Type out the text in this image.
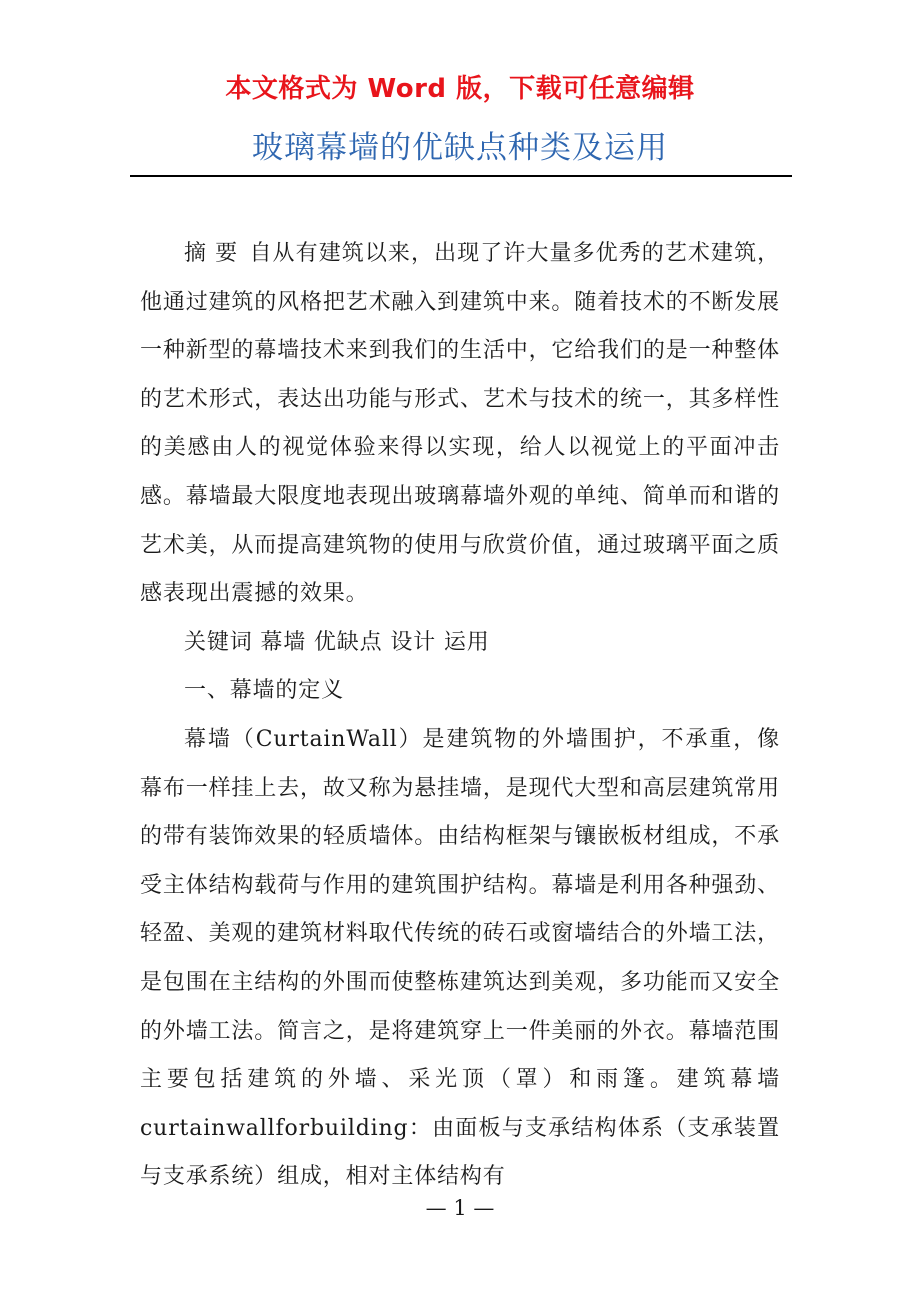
本文格式为 Word 版，下载可任意编辑
玻璃幕墙的优缺点种类及运用

摘 要 自从有建筑以来，出现了许大量多优秀的艺术建筑，他通过建筑的风格把艺术融入到建筑中来。随着技术的不断发展一种新型的幕墙技术来到我们的生活中，它给我们的是一种整体的艺术形式，表达出功能与形式、艺术与技术的统一，其多样性的美感由人的视觉体验来得以实现，给人以视觉上的平面冲击感。幕墙最大限度地表现出玻璃幕墙外观的单纯、简单而和谐的艺术美，从而提高建筑物的使用与欣赏价值，通过玻璃平面之质感表现出震撼的效果。

关键词 幕墙 优缺点 设计 运用

一、幕墙的定义

幕墙（CurtainWall）是建筑物的外墙围护，不承重，像幕布一样挂上去，故又称为悬挂墙，是现代大型和高层建筑常用的带有装饰效果的轻质墙体。由结构框架与镶嵌板材组成，不承受主体结构载荷与作用的建筑围护结构。幕墙是利用各种强劲、轻盈、美观的建筑材料取代传统的砖石或窗墙结合的外墙工法，是包围在主结构的外围而使整栋建筑达到美观，多功能而又安全的外墙工法。简言之，是将建筑穿上一件美丽的外衣。幕墙范围主要包括建筑的外墙、采光顶（罩）和雨篷。建筑幕墙 curtainwallforbuilding：由面板与支承结构体系（支承装置与支承系统）组成，相对主体结构有

— 1 —
